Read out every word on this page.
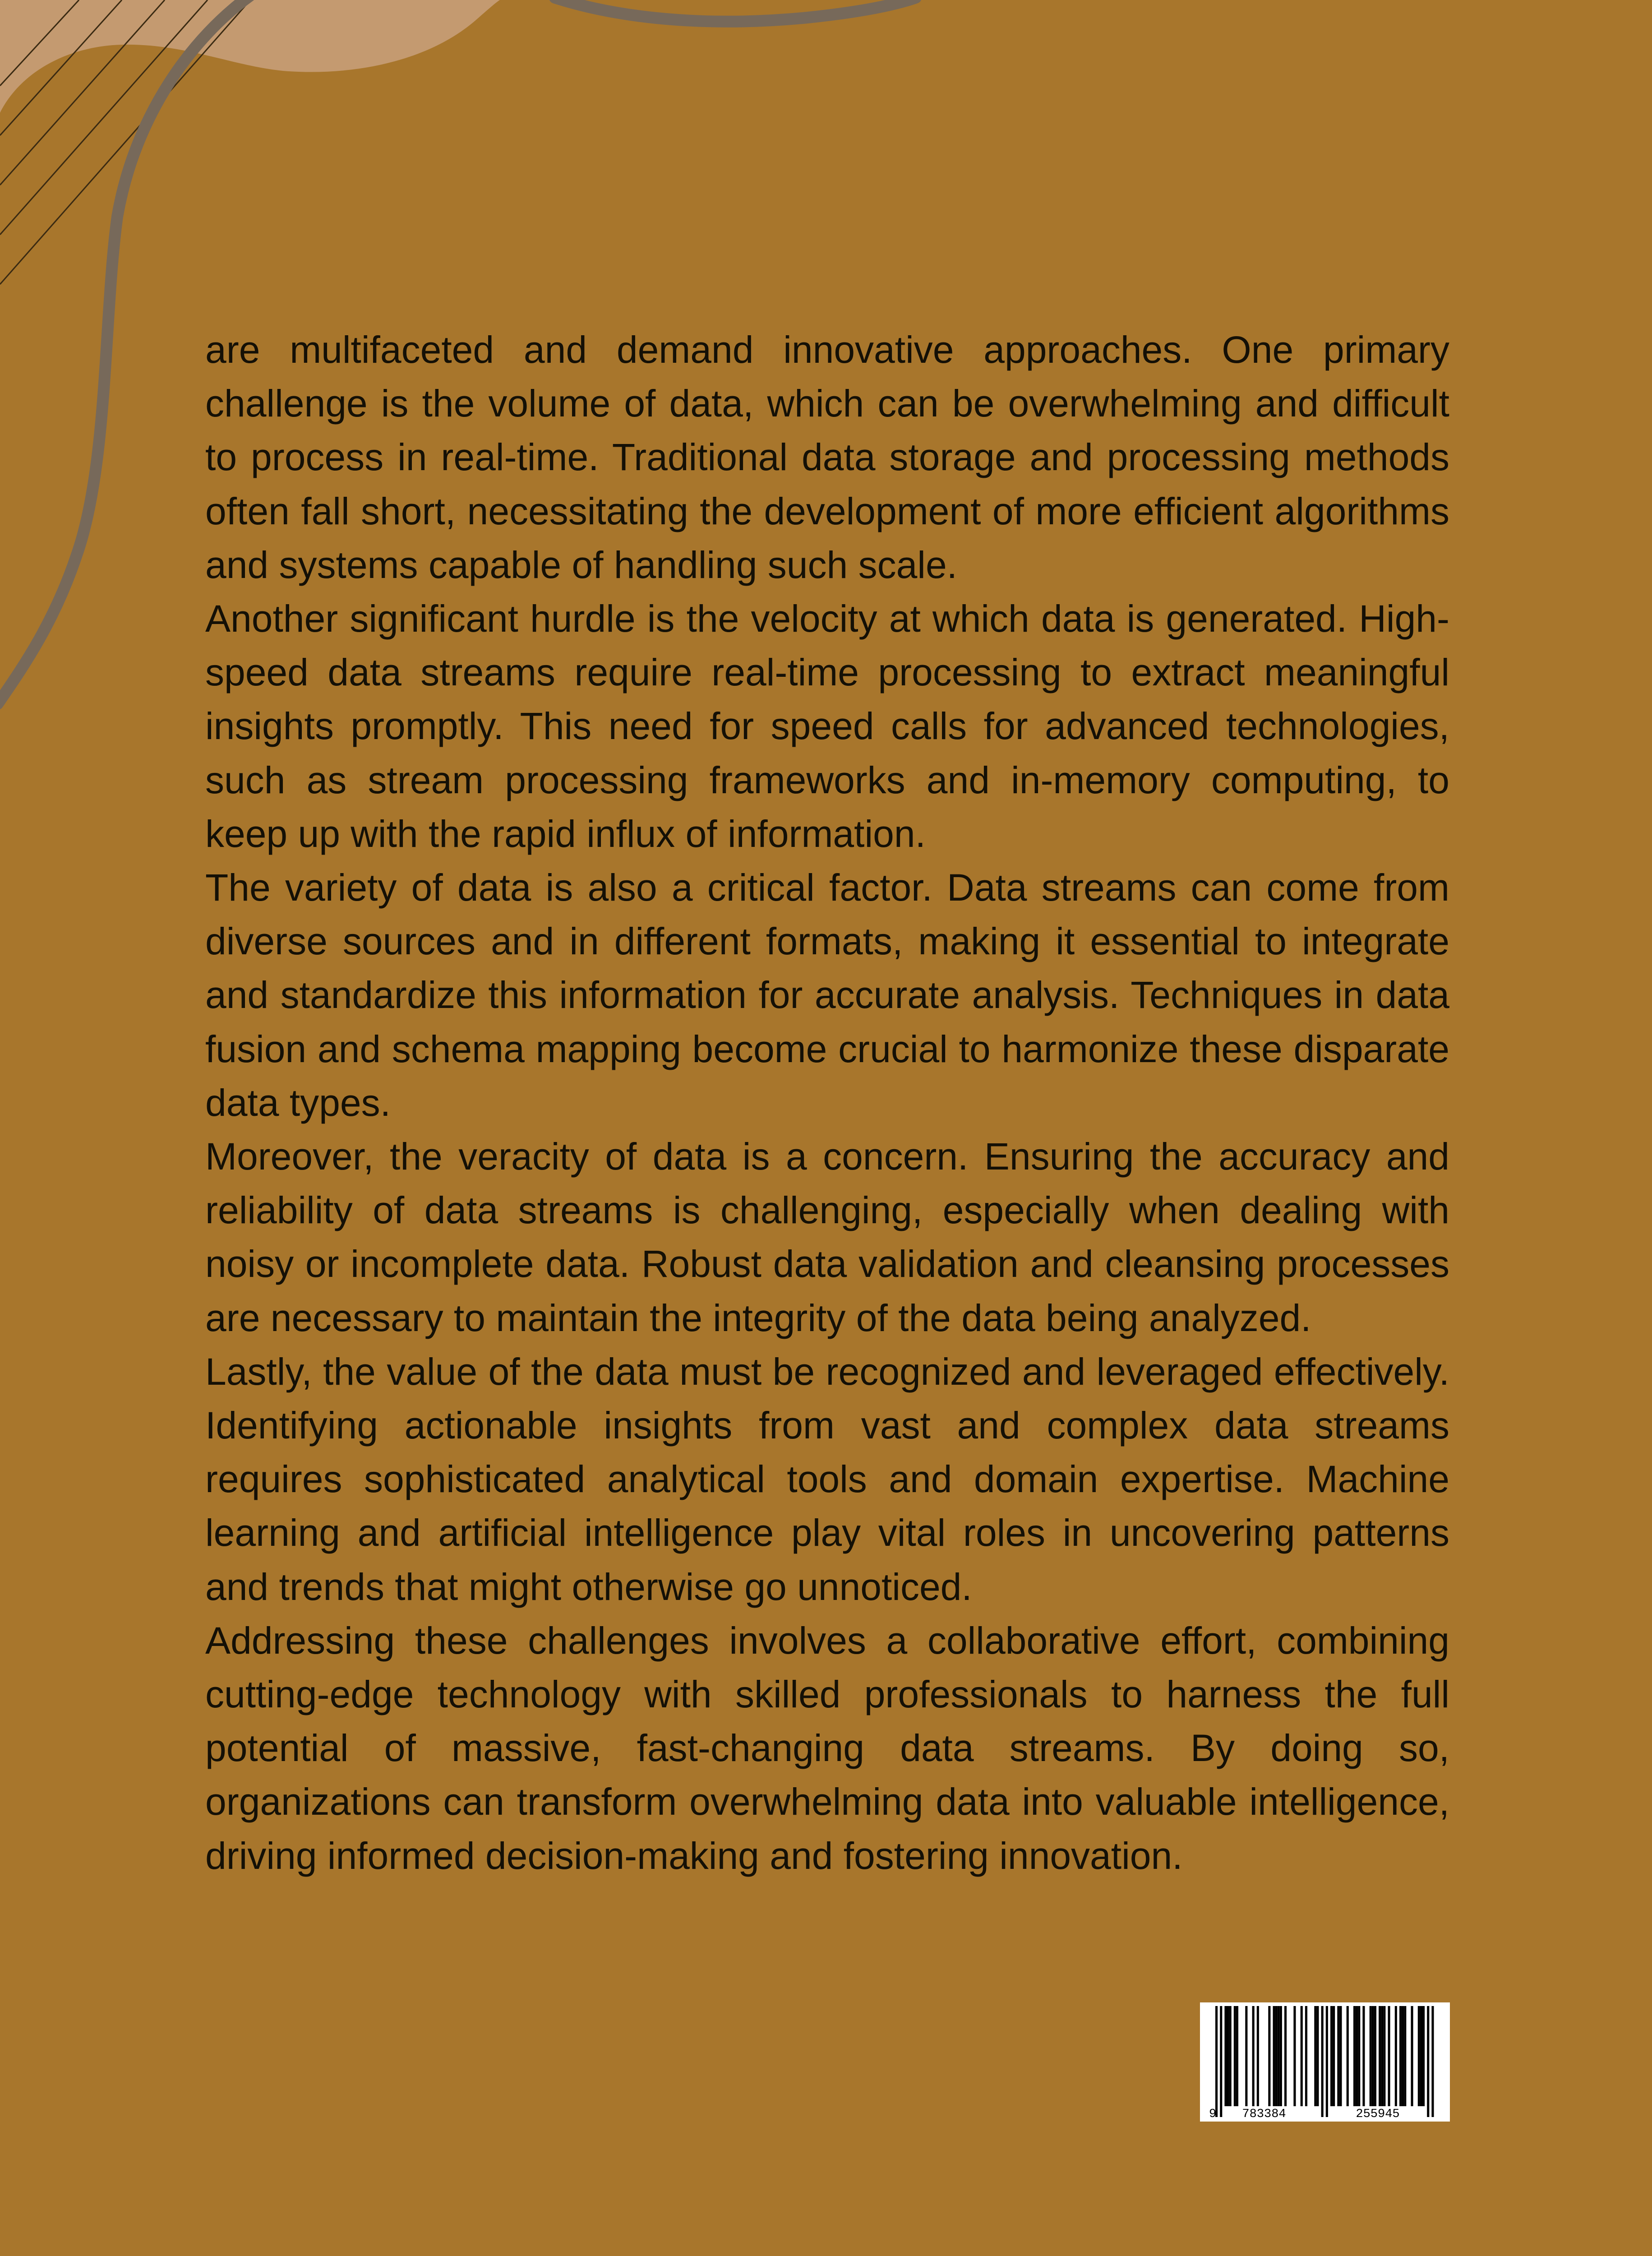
are multifaceted and demand innovative approaches. One primary challenge is the volume of data, which can be overwhelming and difficult to process in real-time. Traditional data storage and processing methods often fall short, necessitating the development of more efficient algorithms and systems capable of handling such scale.

Another significant hurdle is the velocity at which data is generated. High-speed data streams require real-time processing to extract meaningful insights promptly. This need for speed calls for advanced technologies, such as stream processing frameworks and in-memory computing, to keep up with the rapid influx of information.

The variety of data is also a critical factor. Data streams can come from diverse sources and in different formats, making it essential to integrate and standardize this information for accurate analysis. Techniques in data fusion and schema mapping become crucial to harmonize these disparate data types.

Moreover, the veracity of data is a concern. Ensuring the accuracy and reliability of data streams is challenging, especially when dealing with noisy or incomplete data. Robust data validation and cleansing processes are necessary to maintain the integrity of the data being analyzed.

Lastly, the value of the data must be recognized and leveraged effectively. Identifying actionable insights from vast and complex data streams requires sophisticated analytical tools and domain expertise. Machine learning and artificial intelligence play vital roles in uncovering patterns and trends that might otherwise go unnoticed.

Addressing these challenges involves a collaborative effort, combining cutting-edge technology with skilled professionals to harness the full potential of massive, fast-changing data streams. By doing so, organizations can transform overwhelming data into valuable intelligence, driving informed decision-making and fostering innovation.

9 783384	255945
